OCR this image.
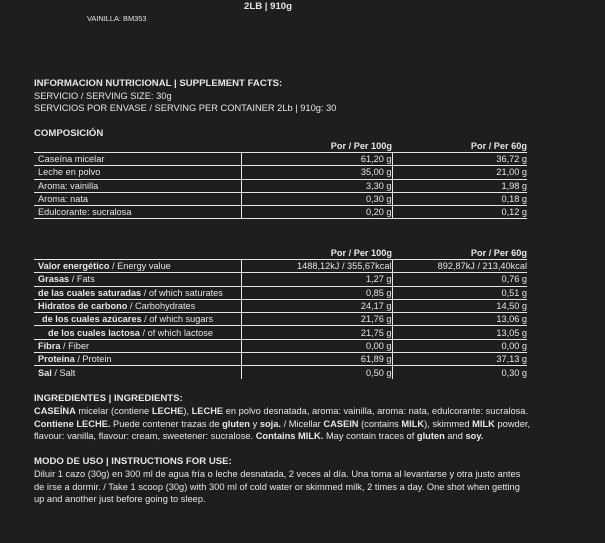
2LB | 910g
VAINILLA: BM353
INFORMACION NUTRICIONAL | SUPPLEMENT FACTS:
SERVICIO / SERVING SIZE: 30g
SERVICIOS POR ENVASE / SERVING PER CONTAINER 2Lb | 910g: 30
COMPOSICIÓN
	Por / Per 100g	Por / Per 60g
Caseína micelar	61,20 g	36,72 g
Leche en polvo	35,00 g	21,00 g
Aroma: vainilla	3,30 g	1,98 g
Aroma: nata	0,30 g	0,18 g
Edulcorante: sucralosa	0,20 g	0,12 g
	Por / Per 100g	Por / Per 60g
Valor energético / Energy value	1488,12kJ / 355,67kcal	892,87kJ / 213,40kcal
Grasas / Fats	1,27 g	0,76 g
de las cuales saturadas / of which saturates	0,85 g	0,51 g
Hidratos de carbono / Carbohydrates	24,17 g	14,50 g
de los cuales azúcares / of which sugars	21,76 g	13,06 g
de los cuales lactosa / of which lactose	21,75 g	13,05 g
Fibra / Fiber	0,00 g	0,00 g
Proteína / Protein	61,89 g	37,13 g
Sal / Salt	0,50 g	0,30 g
INGREDIENTES | INGREDIENTS:
CASEÍNA micelar (contiene LECHE), LECHE en polvo desnatada, aroma: vainilla, aroma: nata, edulcorante: sucralosa.
Contiene LECHE. Puede contener trazas de gluten y soja. / Micellar CASEIN (contains MILK), skimmed MILK powder,
flavour: vanilla, flavour: cream, sweetener: sucralose. Contains MILK. May contain traces of gluten and soy.
MODO DE USO | INSTRUCTIONS FOR USE:
Diluir 1 cazo (30g) en 300 ml de agua fría o leche desnatada, 2 veces al día. Una toma al levantarse y otra justo antes
de irse a dormir. / Take 1 scoop (30g) with 300 ml of cold water or skimmed milk, 2 times a day. One shot when getting
up and another just before going to sleep.
